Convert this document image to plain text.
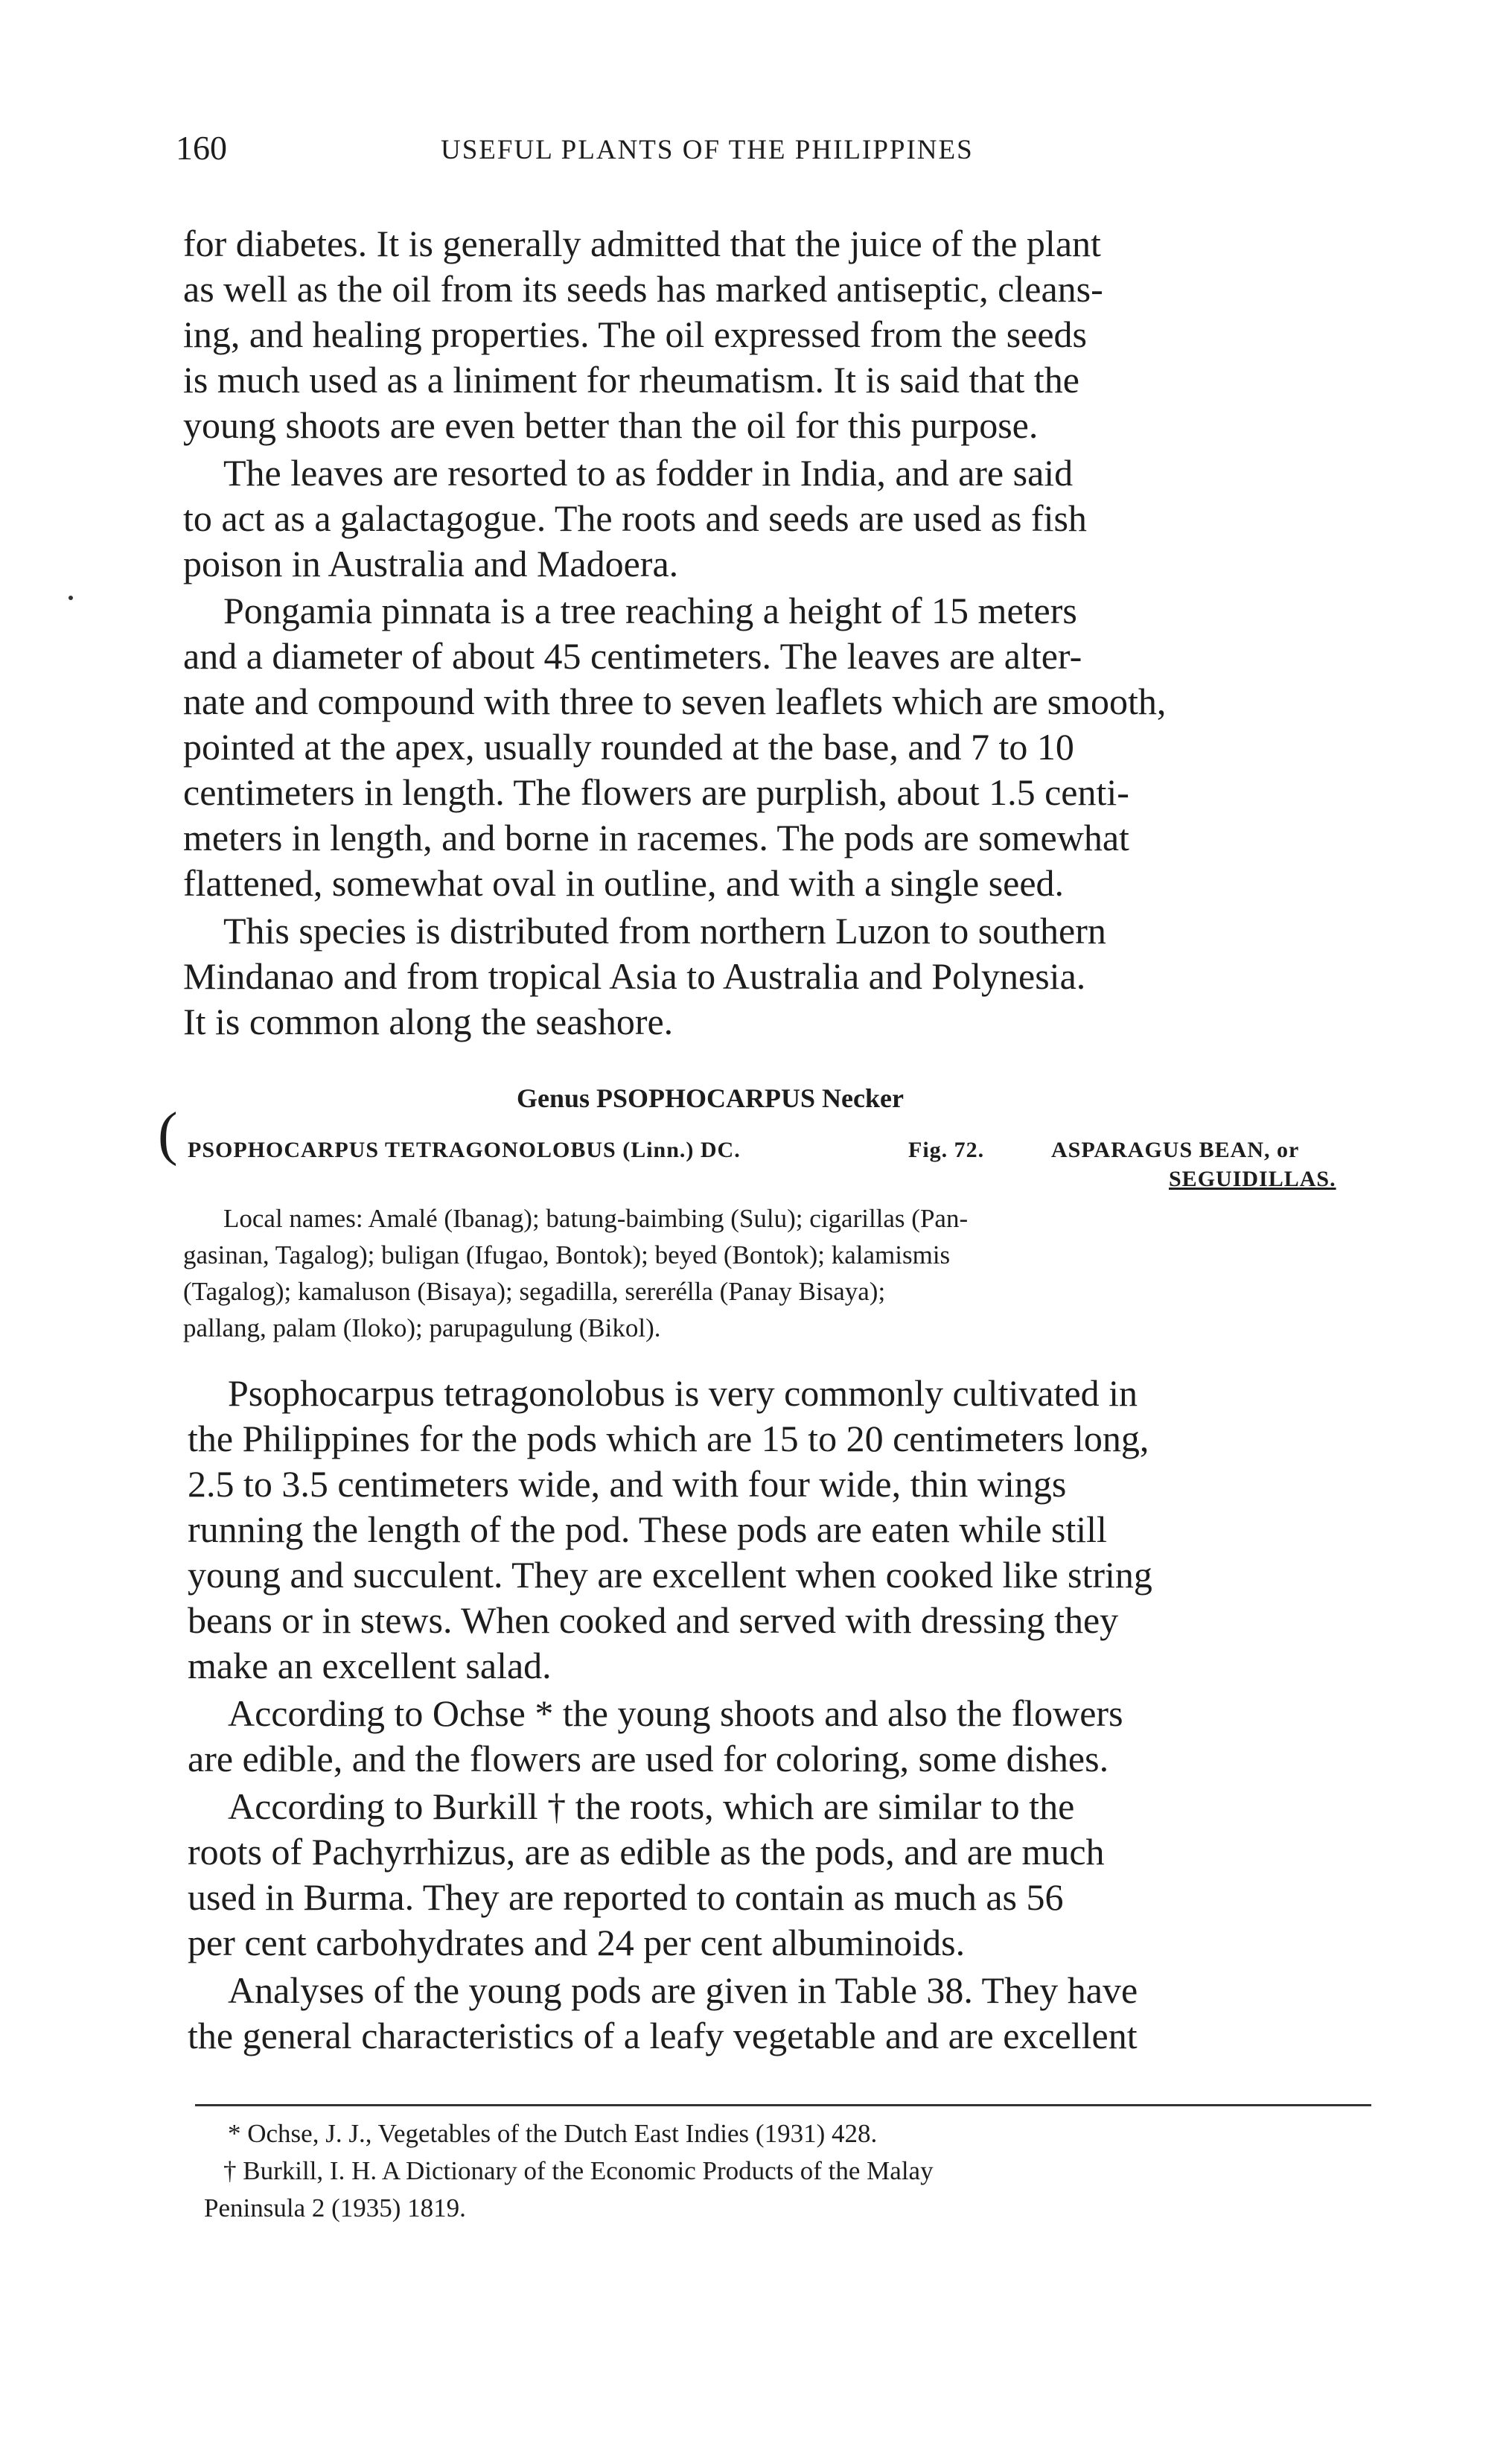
160	USEFUL PLANTS OF THE PHILIPPINES
for diabetes. It is generally admitted that the juice of the plant
as well as the oil from its seeds has marked antiseptic, cleans-
ing, and healing properties. The oil expressed from the seeds
is much used as a liniment for rheumatism. It is said that the
young shoots are even better than the oil for this purpose.
The leaves are resorted to as fodder in India, and are said
to act as a galactagogue. The roots and seeds are used as fish
poison in Australia and Madoera.
Pongamia pinnata is a tree reaching a height of 15 meters
and a diameter of about 45 centimeters. The leaves are alter-
nate and compound with three to seven leaflets which are smooth,
pointed at the apex, usually rounded at the base, and 7 to 10
centimeters in length. The flowers are purplish, about 1.5 centi-
meters in length, and borne in racemes. The pods are somewhat
flattened, somewhat oval in outline, and with a single seed.
This species is distributed from northern Luzon to southern
Mindanao and from tropical Asia to Australia and Polynesia.
It is common along the seashore.
Genus PSOPHOCARPUS Necker
( PSOPHOCARPUS TETRAGONOLOBUS (Linn.) DC.	Fig. 72.	ASPARAGUS BEAN, or
SEGUIDILLAS.
Local names: Amalé (Ibanag); batung-baimbing (Sulu); cigarillas (Pan-
gasinan, Tagalog); buligan (Ifugao, Bontok); beyed (Bontok); kalamismis
(Tagalog); kamaluson (Bisaya); segadilla, sererélla (Panay Bisaya);
pallang, palam (Iloko); parupagulung (Bikol).
Psophocarpus tetragonolobus is very commonly cultivated in
the Philippines for the pods which are 15 to 20 centimeters long,
2.5 to 3.5 centimeters wide, and with four wide, thin wings
running the length of the pod. These pods are eaten while still
young and succulent. They are excellent when cooked like string
beans or in stews. When cooked and served with dressing they
make an excellent salad.
According to Ochse * the young shoots and also the flowers
are edible, and the flowers are used for coloring, some dishes.
According to Burkill † the roots, which are similar to the
roots of Pachyrrhizus, are as edible as the pods, and are much
used in Burma. They are reported to contain as much as 56
per cent carbohydrates and 24 per cent albuminoids.
Analyses of the young pods are given in Table 38. They have
the general characteristics of a leafy vegetable and are excellent
* Ochse, J. J., Vegetables of the Dutch East Indies (1931) 428.
† Burkill, I. H. A Dictionary of the Economic Products of the Malay
Peninsula 2 (1935) 1819.
